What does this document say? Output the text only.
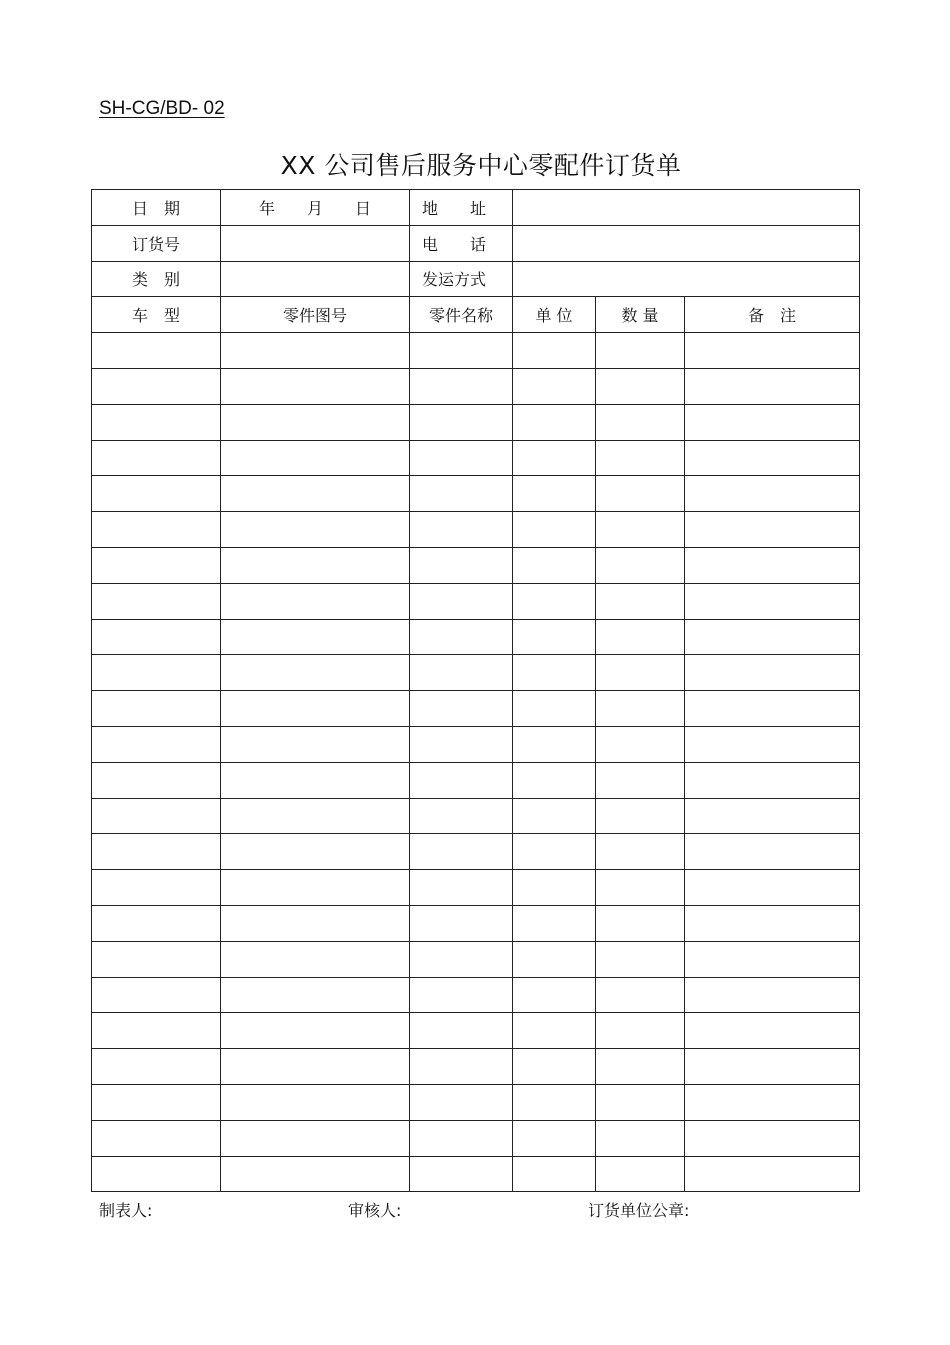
SH-CG/BD- 02
XX 公司售后服务中心零配件订货单
日　期	年　　月　　日	地　　址			
订货号		电　　话			
类　别		发运方式			
车　型	零件图号	零件名称	单 位	数 量	备　注

制表人:	审核人:	订货单位公章:
